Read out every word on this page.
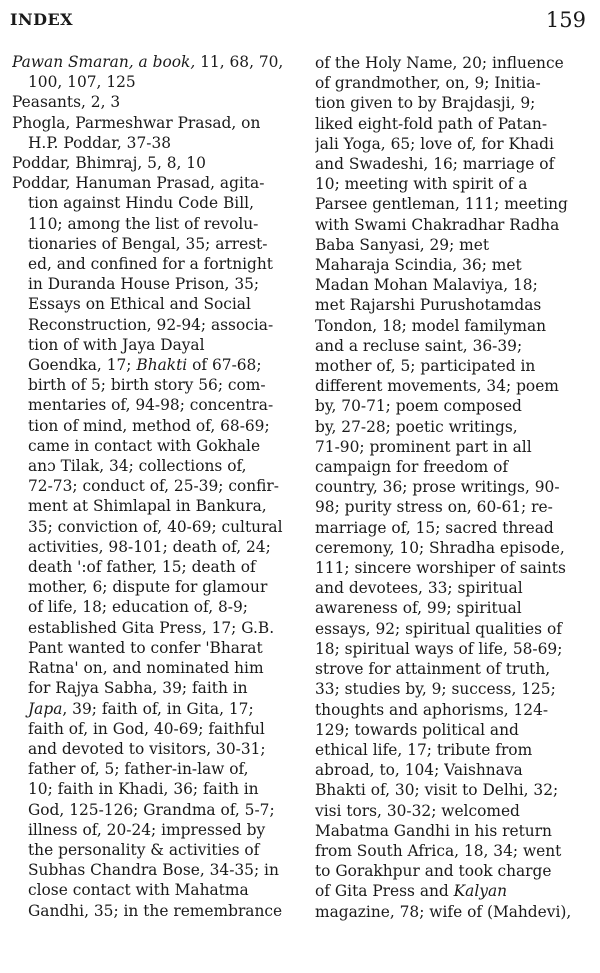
INDEX	159
Pawan Smaran, a book, 11, 68, 70,
100, 107, 125
Peasants, 2, 3
Phogla, Parmeshwar Prasad, on
H.P. Poddar, 37-38
Poddar, Bhimraj, 5, 8, 10
Poddar, Hanuman Prasad, agita-
tion against Hindu Code Bill,
110; among the list of revolu-
tionaries of Bengal, 35; arrest-
ed, and confined for a fortnight
in Duranda House Prison, 35;
Essays on Ethical and Social
Reconstruction, 92-94; associa-
tion of with Jaya Dayal
Goendka, 17; Bhakti of 67-68;
birth of 5; birth story 56; com-
mentaries of, 94-98; concentra-
tion of mind, method of, 68-69;
came in contact with Gokhale
anɔ Tilak, 34; collections of,
72-73; conduct of, 25-39; confir-
ment at Shimlapal in Bankura,
35; conviction of, 40-69; cultural
activities, 98-101; death of, 24;
death ':of father, 15; death of
mother, 6; dispute for glamour
of life, 18; education of, 8-9;
established Gita Press, 17; G.B.
Pant wanted to confer 'Bharat
Ratna' on, and nominated him
for Rajya Sabha, 39; faith in
Japa, 39; faith of, in Gita, 17;
faith of, in God, 40-69; faithful
and devoted to visitors, 30-31;
father of, 5; father-in-law of,
10; faith in Khadi, 36; faith in
God, 125-126; Grandma of, 5-7;
illness of, 20-24; impressed by
the personality & activities of
Subhas Chandra Bose, 34-35; in
close contact with Mahatma
Gandhi, 35; in the remembrance
of the Holy Name, 20; influence
of grandmother, on, 9; Initia-
tion given to by Brajdasji, 9;
liked eight-fold path of Patan-
jali Yoga, 65; love of, for Khadi
and Swadeshi, 16; marriage of
10; meeting with spirit of a
Parsee gentleman, 111; meeting
with Swami Chakradhar Radha
Baba Sanyasi, 29; met
Maharaja Scindia, 36; met
Madan Mohan Malaviya, 18;
met Rajarshi Purushotamdas
Tondon, 18; model familyman
and a recluse saint, 36-39;
mother of, 5; participated in
different movements, 34; poem
by, 70-71; poem composed
by, 27-28; poetic writings,
71-90; prominent part in all
campaign for freedom of
country, 36; prose writings, 90-
98; purity stress on, 60-61; re-
marriage of, 15; sacred thread
ceremony, 10; Shradha episode,
111; sincere worshiper of saints
and devotees, 33; spiritual
awareness of, 99; spiritual
essays, 92; spiritual qualities of
18; spiritual ways of life, 58-69;
strove for attainment of truth,
33; studies by, 9; success, 125;
thoughts and aphorisms, 124-
129; towards political and
ethical life, 17; tribute from
abroad, to, 104; Vaishnava
Bhakti of, 30; visit to Delhi, 32;
visi tors, 30-32; welcomed
Mabatma Gandhi in his return
from South Africa, 18, 34; went
to Gorakhpur and took charge
of Gita Press and Kalyan
magazine, 78; wife of (Mahdevi),
